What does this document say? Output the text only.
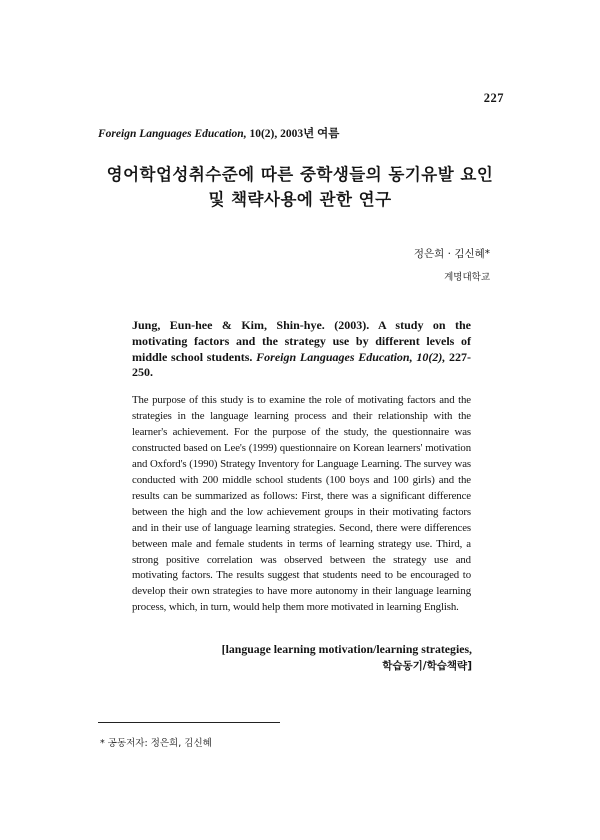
227
Foreign Languages Education, 10(2), 2003년 여름
영어학업성취수준에 따른 중학생들의 동기유발 요인
및 책략사용에 관한 연구
정은희 · 김신혜*
계명대학교
Jung, Eun-hee & Kim, Shin-hye. (2003). A study on the motivating factors and the strategy use by different levels of middle school students. Foreign Languages Education, 10(2), 227-250.
The purpose of this study is to examine the role of motivating factors and the strategies in the language learning process and their relationship with the learner's achievement. For the purpose of the study, the questionnaire was constructed based on Lee's (1999) questionnaire on Korean learners' motivation and Oxford's (1990) Strategy Inventory for Language Learning. The survey was conducted with 200 middle school students (100 boys and 100 girls) and the results can be summarized as follows: First, there was a significant difference between the high and the low achievement groups in their motivating factors and in their use of language learning strategies. Second, there were differences between male and female students in terms of learning strategy use. Third, a strong positive correlation was observed between the strategy use and motivating factors. The results suggest that students need to be encouraged to develop their own strategies to have more autonomy in their language learning process, which, in turn, would help them more motivated in learning English.
[language learning motivation/learning strategies,
학습동기/학습책략]
* 공동저자: 정은희, 김신혜
